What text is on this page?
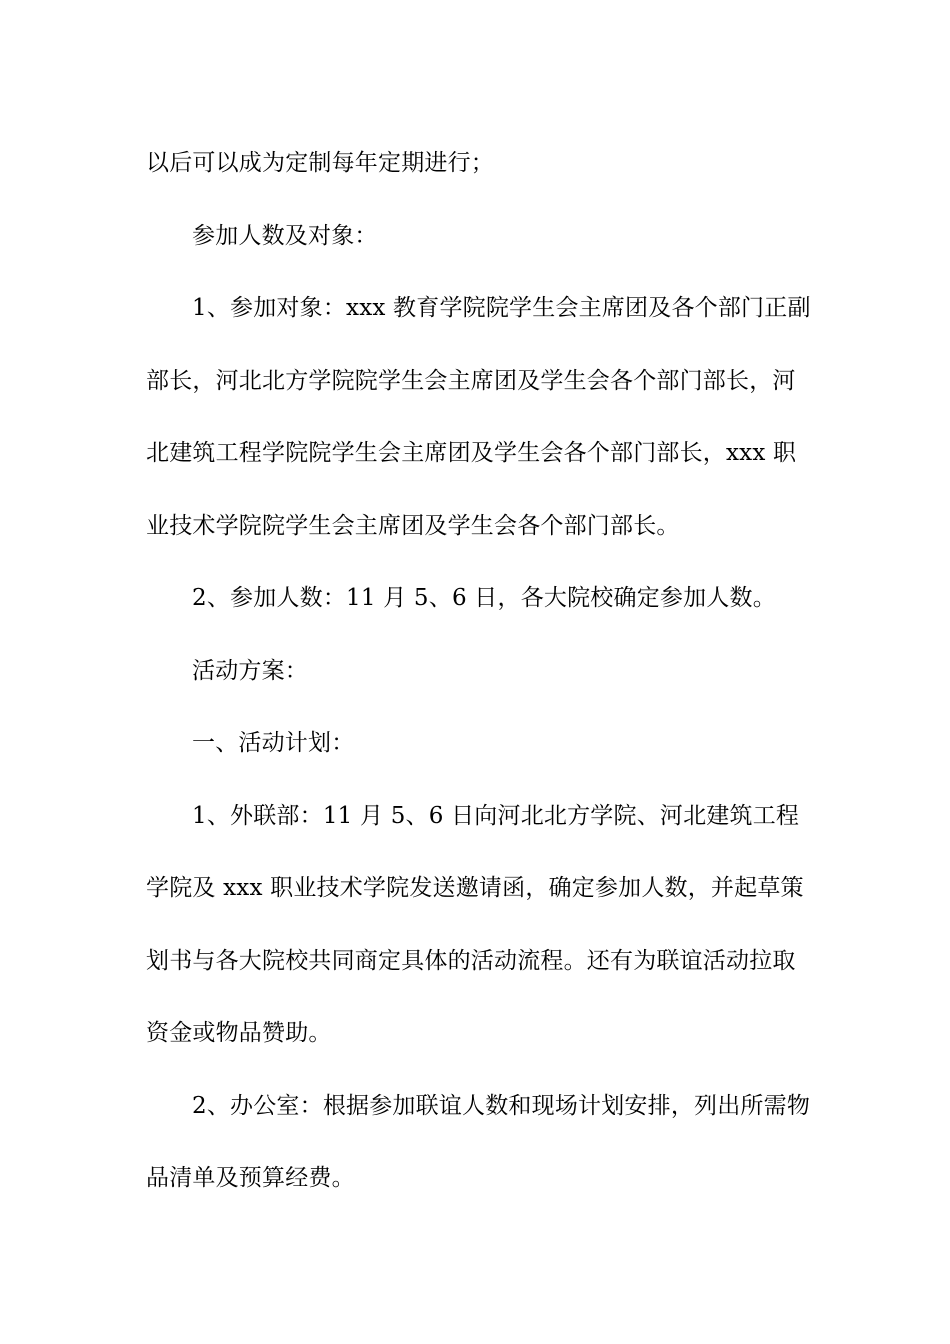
以后可以成为定制每年定期进行；

参加人数及对象：

1、参加对象：xxx 教育学院院学生会主席团及各个部门正副部长，河北北方学院院学生会主席团及学生会各个部门部长，河北建筑工程学院院学生会主席团及学生会各个部门部长，xxx 职业技术学院院学生会主席团及学生会各个部门部长。

2、参加人数：11 月 5、6 日，各大院校确定参加人数。

活动方案：

一、活动计划：

1、外联部：11 月 5、6 日向河北北方学院、河北建筑工程学院及 xxx 职业技术学院发送邀请函，确定参加人数，并起草策划书与各大院校共同商定具体的活动流程。还有为联谊活动拉取资金或物品赞助。

2、办公室：根据参加联谊人数和现场计划安排，列出所需物品清单及预算经费。
